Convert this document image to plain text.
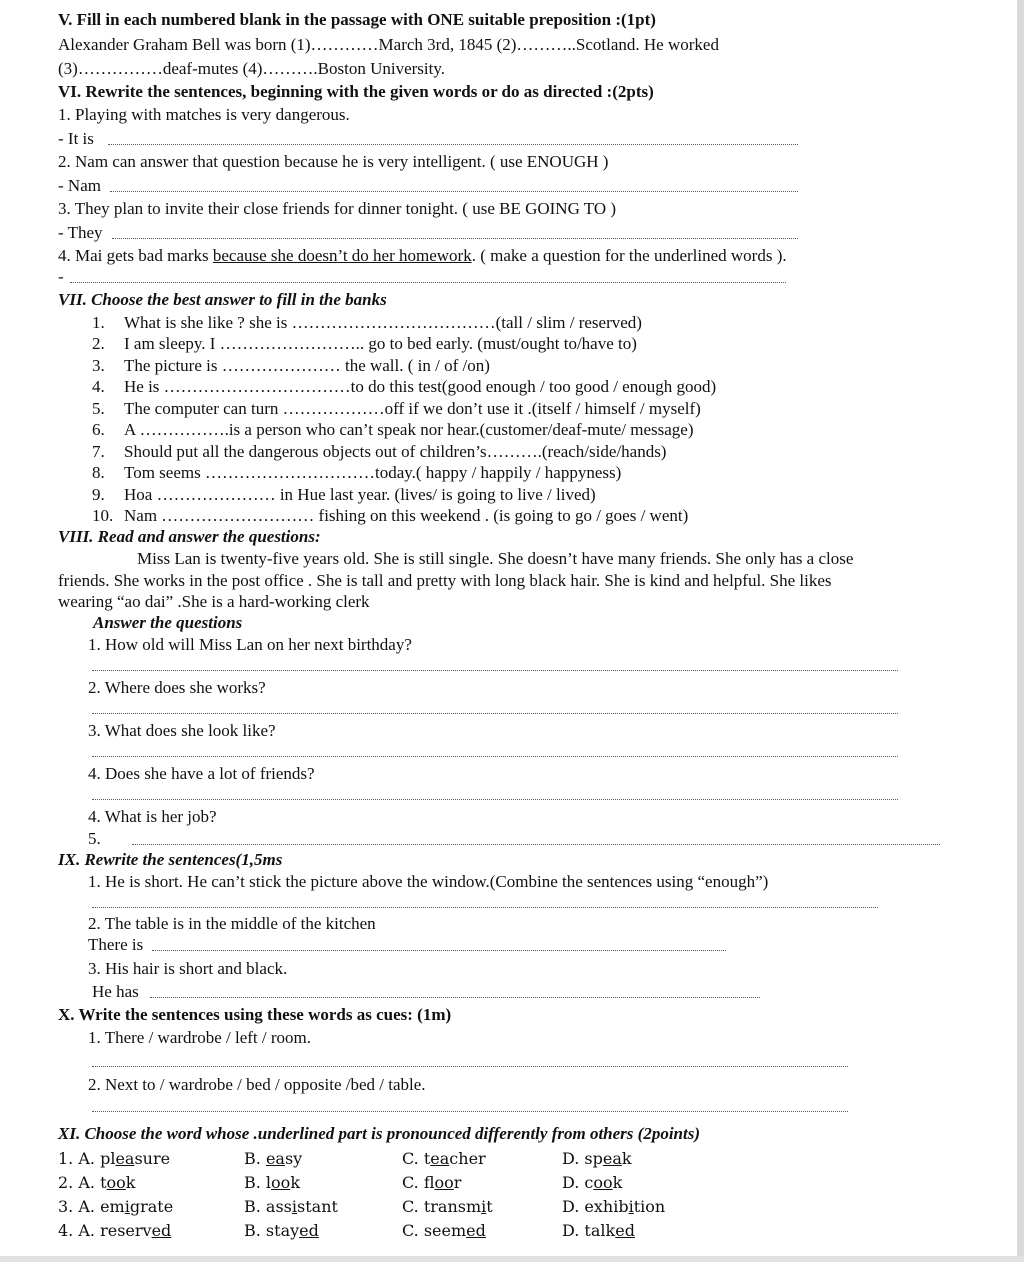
V. Fill in each numbered blank in the passage with ONE suitable preposition :(1pt)
Alexander Graham Bell was born (1)…………March 3rd, 1845 (2)………..Scotland. He worked
(3)……………deaf-mutes (4)……….Boston University.
VI. Rewrite the sentences, beginning with the given words or do as directed :(2pts)
1. Playing with matches is very dangerous.
- It is
2. Nam can answer that question because he is very intelligent. ( use ENOUGH )
- Nam
3. They plan to invite their close friends for dinner tonight. ( use BE GOING TO )
- They
4. Mai gets bad marks because she doesn’t do her homework. ( make a question for the underlined words ).
-
VII. Choose the best answer to fill in the banks
1. What is she like ? she is ………………………………(tall / slim / reserved)
2. I am sleepy. I …………………….. go to bed early. (must/ought to/have to)
3. The picture is ………………… the wall. ( in / of /on)
4. He is ……………………………to do this test(good enough / too good / enough good)
5. The computer can turn ………………off if we don’t use it .(itself / himself / myself)
6. A …………….is a person who can’t speak nor hear.(customer/deaf-mute/ message)
7. Should put all the dangerous objects out of children’s……….(reach/side/hands)
8. Tom seems …………………………today.( happy / happily / happyness)
9. Hoa ………………… in Hue last year. (lives/ is going to live / lived)
10. Nam ……………………… fishing on this weekend . (is going to go / goes / went)
VIII. Read and answer the questions:
Miss Lan is twenty-five years old. She is still single. She doesn’t have many friends. She only has a close
friends. She works in the post office . She is tall and pretty with long black hair. She is kind and helpful. She likes
wearing “ao dai” .She is a hard-working clerk
Answer the questions
1. How old will Miss Lan on her next birthday?
2. Where does she works?
3. What does she look like?
4. Does she have a lot of friends?
4. What is her job?
5.
IX. Rewrite the sentences(1,5ms
1. He is short. He can’t stick the picture above the window.(Combine the sentences using “enough”)
2. The table is in the middle of the kitchen
There is
3. His hair is short and black.
He has
X. Write the sentences using these words as cues: (1m)
1. There / wardrobe / left / room.
2. Next to / wardrobe / bed / opposite /bed / table.
XI. Choose the word whose .underlined part is pronounced differently from others (2points)
1. A. pleasure	B. easy	C. teacher	D. speak
2. A. took	B. look	C. floor	D. cook
3. A. emigrate	B. assistant	C. transmit	D. exhibition
4. A. reserved	B. stayed	C. seemed	D. talked
